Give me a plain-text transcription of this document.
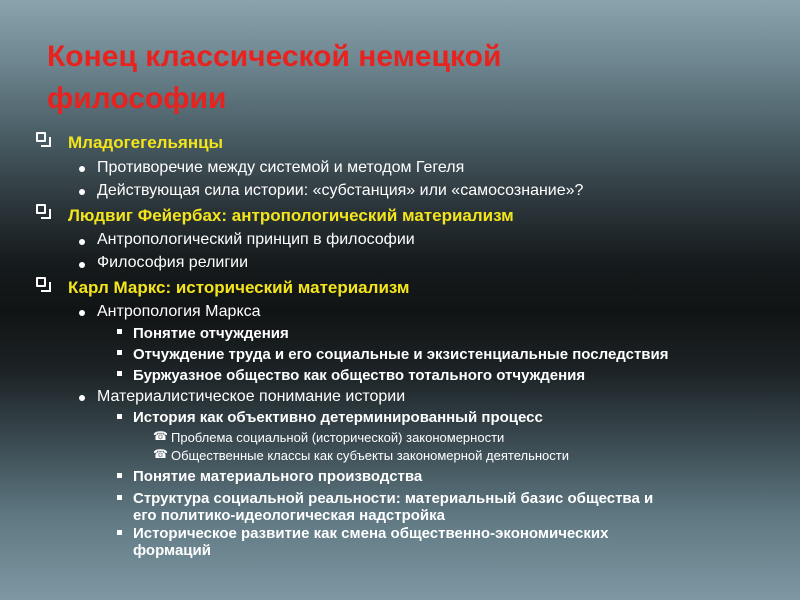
Конец классической немецкой
философии
Младогегельянцы
Противоречие между системой и методом Гегеля
Действующая сила истории: «субстанция» или «самосознание»?
Людвиг Фейербах: антропологический материализм
Антропологический принцип в философии
Философия религии
Карл Маркс: исторический материализм
Антропология Маркса
Понятие отчуждения
Отчуждение труда и его социальные и экзистенциальные последствия
Буржуазное общество как общество тотального отчуждения
Материалистическое понимание истории
История как объективно детерминированный процесс
☎ Проблема социальной (исторической) закономерности
☎ Общественные классы как субъекты закономерной деятельности
Понятие материального производства
Структура социальной реальности: материальный базис общества и
его политико-идеологическая надстройка
Историческое развитие как смена общественно-экономических
формаций
